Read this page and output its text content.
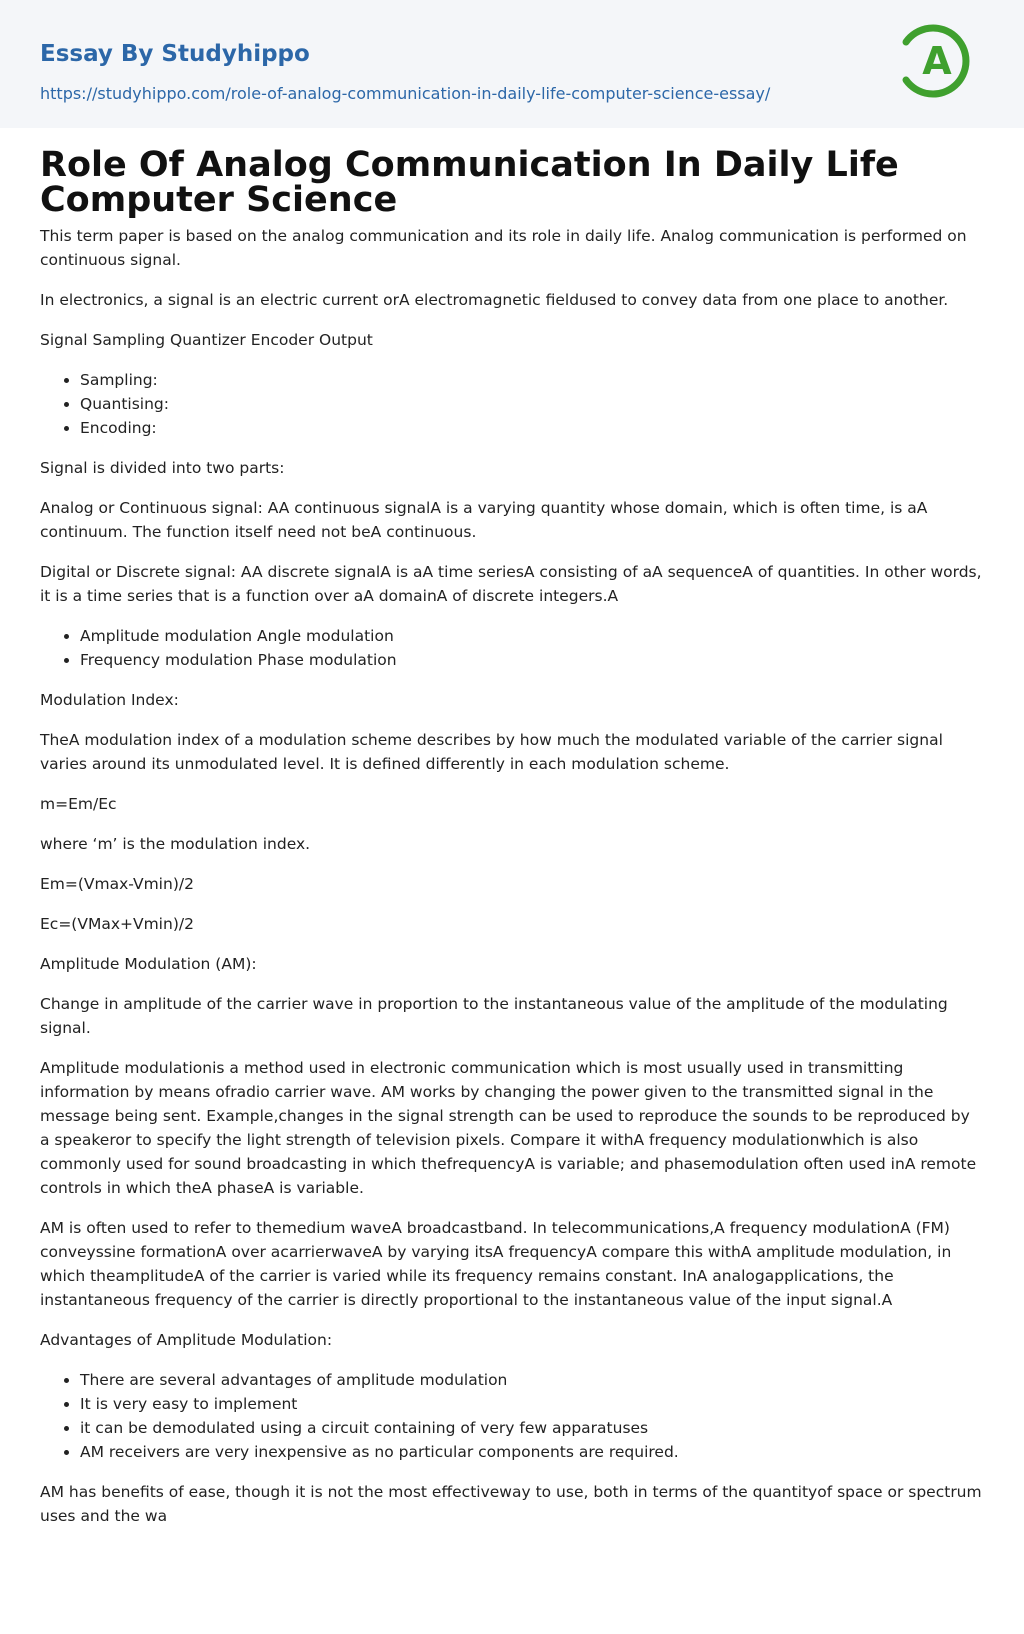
Essay By Studyhippo
https://studyhippo.com/role-of-analog-communication-in-daily-life-computer-science-essay/
A
Role Of Analog Communication In Daily Life Computer Science

This term paper is based on the analog communication and its role in daily life. Analog communication is performed on continuous signal.

In electronics, a signal is an electric current orA electromagnetic fieldused to convey data from one place to another.

Signal Sampling Quantizer Encoder Output

• Sampling:
• Quantising:
• Encoding:

Signal is divided into two parts:

Analog or Continuous signal: AA continuous signalA is a varying quantity whose domain, which is often time, is aA continuum. The function itself need not beA continuous.

Digital or Discrete signal: AA discrete signalA is aA time seriesA consisting of aA sequenceA of quantities. In other words, it is a time series that is a function over aA domainA of discrete integers.A

• Amplitude modulation Angle modulation
• Frequency modulation Phase modulation

Modulation Index:

TheA modulation index of a modulation scheme describes by how much the modulated variable of the carrier signal varies around its unmodulated level. It is defined differently in each modulation scheme.

m=Em/Ec

where ‘m’ is the modulation index.

Em=(Vmax-Vmin)/2

Ec=(VMax+Vmin)/2

Amplitude Modulation (AM):

Change in amplitude of the carrier wave in proportion to the instantaneous value of the amplitude of the modulating signal.

Amplitude modulationis a method used in electronic communication which is most usually used in transmitting information by means ofradio carrier wave. AM works by changing the power given to the transmitted signal in the message being sent. Example,changes in the signal strength can be used to reproduce the sounds to be reproduced by a speakeror to specify the light strength of television pixels. Compare it withA frequency modulationwhich is also commonly used for sound broadcasting in which thefrequencyA is variable; and phasemodulation often used inA remote controls in which theA phaseA is variable.

AM is often used to refer to themedium waveA broadcastband. In telecommunications,A frequency modulationA (FM) conveyssine formationA over acarrierwaveA by varying itsA frequencyA compare this withA amplitude modulation, in which theamplitudeA of the carrier is varied while its frequency remains constant. InA analogapplications, the instantaneous frequency of the carrier is directly proportional to the instantaneous value of the input signal.A

Advantages of Amplitude Modulation:

• There are several advantages of amplitude modulation
• It is very easy to implement
• it can be demodulated using a circuit containing of very few apparatuses
• AM receivers are very inexpensive as no particular components are required.

AM has benefits of ease, though it is not the most effectiveway to use, both in terms of the quantityof space or spectrum uses and the wa
